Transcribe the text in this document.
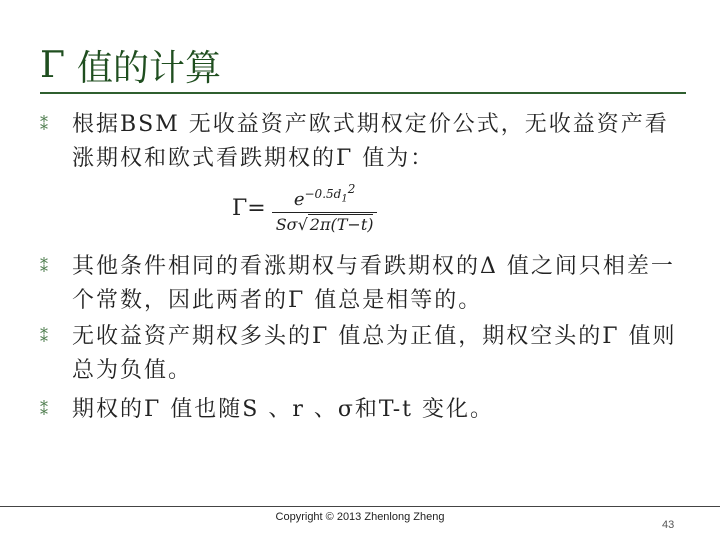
Γ 值的计算
⁑	根据BSM 无收益资产欧式期权定价公式，无收益资产看涨期权和欧式看跌期权的Γ 值为：
$\Gamma= \frac{e^{-0.5d_1^2}}{S\sigma√ 2\pi(T-t)}$
⁑	其他条件相同的看涨期权与看跌期权的Δ 值之间只相差一个常数，因此两者的Γ 值总是相等的。
⁑	无收益资产期权多头的Γ 值总为正值，期权空头的Γ 值则总为负值。
⁑	期权的Γ 值也随S 、r 、σ和T-t 变化。
Copyright © 2013 Zhenlong Zheng
43
